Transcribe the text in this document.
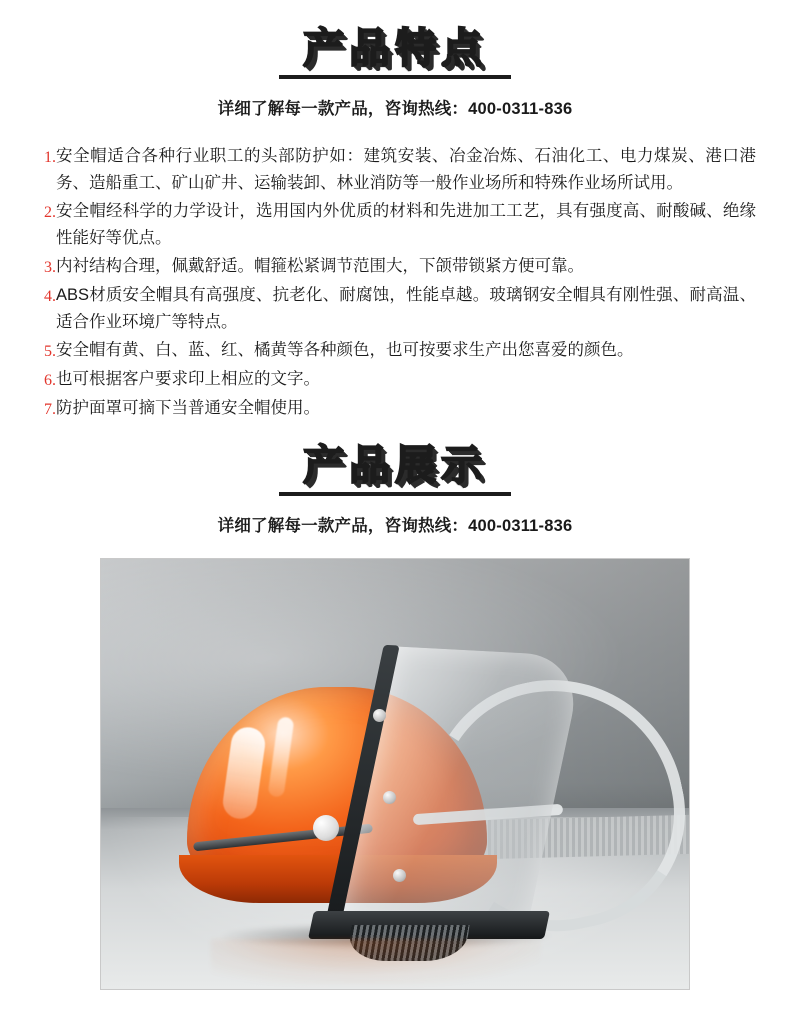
产品特点
详细了解每一款产品，咨询热线：400-0311-836
1. 安全帽适合各种行业职工的头部防护如：建筑安装、冶金冶炼、石油化工、电力煤炭、港口港务、造船重工、矿山矿井、运输装卸、林业消防等一般作业场所和特殊作业场所试用。
2. 安全帽经科学的力学设计，选用国内外优质的材料和先进加工工艺，具有强度高、耐酸碱、绝缘性能好等优点。
3. 内衬结构合理，佩戴舒适。帽箍松紧调节范围大，下颌带锁紧方便可靠。
4. ABS材质安全帽具有高强度、抗老化、耐腐蚀，性能卓越。玻璃钢安全帽具有刚性强、耐高温、适合作业环境广等特点。
5. 安全帽有黄、白、蓝、红、橘黄等各种颜色，也可按要求生产出您喜爱的颜色。
6. 也可根据客户要求印上相应的文字。
7. 防护面罩可摘下当普通安全帽使用。
产品展示
详细了解每一款产品，咨询热线：400-0311-836
